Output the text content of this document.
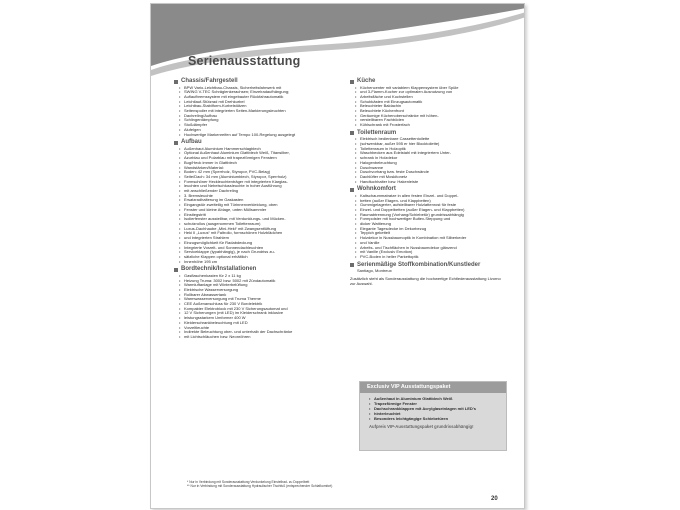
Serienausstattung
Chassis/Fahrgestell
• BPW Vario-Leichtbau-Chassis, Sicherheitsfahrwerk mit
• SWING V-TEC Schräglenkerachsen; Einzelradaufhängung;
• Auflaufbremssystem mit eingebauter Rückfahrautomatik
• Leichtlauf-Stützrad mit Drehkurbel
• Leichtbau-Stabilform-Kurbelstützen
• Seitenspoiler mit integrierten Seiten-Markierungsleuchten
• Dachreling/Aufbau
• Schlingerdämpfung
• Stoßdämpfer
• Alufelgen
• Hochwertige Markenreifen auf Tempo 100-Regelung ausgelegt
Aufbau
• Außenhaut Aluminium Hammerschlagblech
• Optional Außenhaut Aluminium Glattblech Weiß, Titansilber,
• Azurblau und Polarblau mit trapezförmigen Fenstern
• Bug/Heck immer in Glattblech
• Wandstärken/Material:
• Boden: 42 mm (Sperrholz, Styropor, PVC-Belag)
• Seite/Dach: 34 mm (Aluminiumblech, Styropor, Sperrholz)
• Formschöner Heckleuchtenträger mit integrierten Klarglas-
• leuchten und Nebelschlussleuchte in hoher Ausführung
• mit anschließender Dachreling
• 3. Bremsleuchte
• Ersatzradhalterung im Gaskasten
• Eingangstür zweiteilig mit Türinnenverkleidung, oben
• Fenster und kleine Ablage, unten Müllsammler
• Einstiegstritt
• Isolierfenster ausstellbar, mit Verdunklungs- und Mücken-
• schutzrollos (ausgenommen Toilettenraum)
• Luxus-Dachhaube „Mini-Heki“ mit Zwangsentlüftung
• Heki II „Luxus“ mit Faltrollo, formschönen Holzblädchen
• und integrierten Strahlern
• Einzugsmöglichkeit für Radabdeckung
• Integrierte Vorzelt- und Sonnendachleuchten
• Serviceklappe (typabhängig), je nach Grundriss zu-
• sätzliche Klappen optional erhältlich
• Innenhöhe 195 cm
Bordtechnik/Installationen
• Gasflaschenkasten für 2 x 11 kg
• Heizung Truma: 3002 bzw. 5002 mit Zündautomatik
• Warmluftanlage mit Winterbelüftung
• Elektrische Wasserversorgung
• Rollbarer Abwassertank
• Warmwasserversorgung mit Truma Therme
• CEE Außenanschluss für 230 V Bordelektrik
• Kompakter Elektroblock mit 230 V Sicherungsautomat und
• 12 V Sicherungen (mit LED) im Kleiderschrank inklusive
• leistungsstarkem Umformer 400 W
• Kleiderschrankbeleuchtung mit LED
• Vorzeltleuchte
• Indirekte Beleuchtung ober- und unterhalb der Dachschränke
• mit Lichtschläuchen bzw. Neonröhren
Küche
• Küchencenter mit variablem Klappensystem über Spüle
• und 3-Flamm-Kocher zur optimalen Ausnutzung von
• Arbeitsfläche und Kochstellen
• Schubkästen mit Einzugsautomatik
• Beleuchteter Baldachin
• Beleuchtete Küchenfront
• Geräumige Küchenoberschränke mit höhen-
• verstellbaren Fachböden
• Kühlschrank mit Frosterfach
Toilettenraum
• Elektrisch bedienbare Cassettentoilette
• (schwenkbar, außer 595 er hier Blocktoilette)
• Toilettenraum in Holzoptik
• Waschbecken aus Edelstahl mit integriertem Unter-
• schrank in Holzdekor
• Halogenbeleuchtung
• Duschwanne
• Duschvorhang bzw. feste Duschwände
• Dachlüfter mit Moskitonetz
• Handtuchhalter bzw. Hakenleiste
Wohnkomfort
• Kaltschaummatratze in allen festen Einzel- und Doppel-
• betten (außer Etagen- und Klappbetten)
• Gummigelagerter, aufstellbarer Holzlattenrost für feste
• Einzel- und Doppelbetten (außer Etagen- und Klappbetten)
• Raumabtrennung (Vorhang/Schiebetür) grundrissabhängig
• Formpolster mit hochwertiger Bultex-Steppung und
• dicker Wattierung
• Elegante Tagesdecke im Dekorbezug
• Teppich gekettelt
• Holzdekor in Nussbaumoptik in Kombination mit Silberkeder
• und Vanille
• Arbeits- und Tischflächen in Nussbaumdekor glänzend
• mit Vanille (Exclusiv Emotion)
• PVC-Boden in heller Parkettoptik
Serienmäßige Stoffkombination/Kunstleder
Santiago, Montreux
Zusätzlich steht als Sonderausstattung die hochwertige Echtlederausstattung Livorno zur Auswahl.
Exclusiv VIP Ausstattungspaket
• Außenhaut in Aluminium Glattblech Weiß
• Trapezförmige Fenster
• Dachschrankklappen mit Acrylglaseinlagen mit LED's
• hinterleuchtet
• Besonders leichtgängige Schiebetüren
Aufpreis VIP-Ausstattungspaket grundrissabhängig!
* Nur in Verbindung mit Sonderausstattung Verdunkelung Einstellrad- zu Doppelbett
** Nur in Verbindung mit Sonderausstattung Hydraulischer Tischfuß (entsprechender Schlafkomfort)
20
